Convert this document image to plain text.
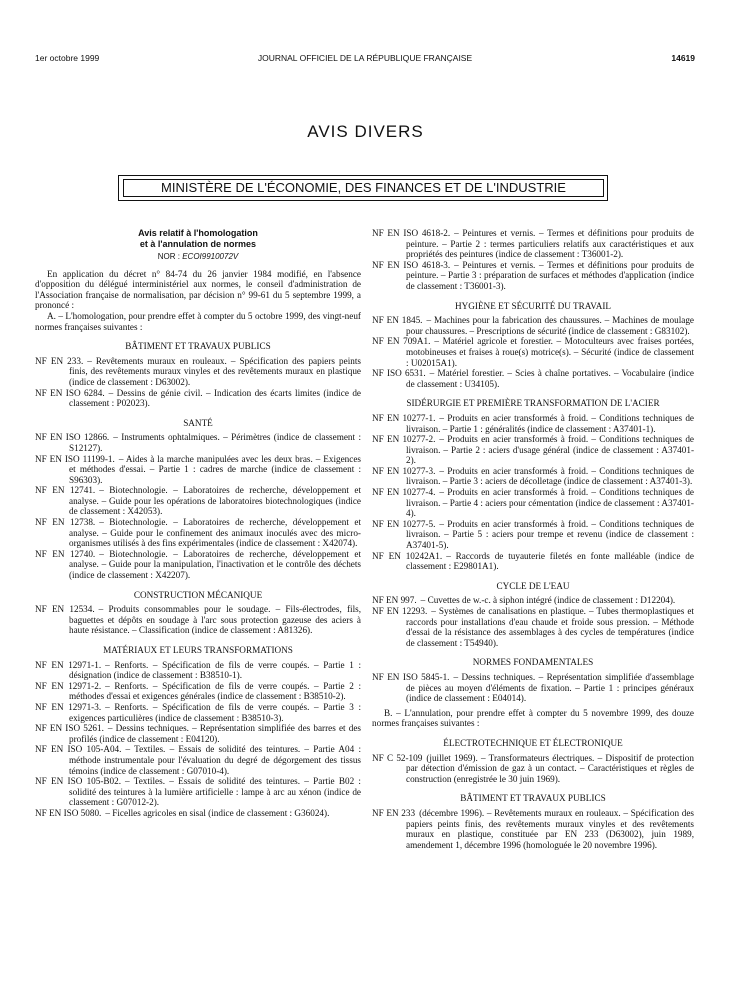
1er octobre 1999	JOURNAL OFFICIEL DE LA RÉPUBLIQUE FRANÇAISE	14619
AVIS DIVERS
MINISTÈRE DE L'ÉCONOMIE, DES FINANCES ET DE L'INDUSTRIE
Avis relatif à l'homologation
et à l'annulation de normes
NOR : ECOI9910072V

En application du décret n° 84-74 du 26 janvier 1984 modifié, en l'absence d'opposition du délégué interministériel aux normes, le conseil d'administration de l'Association française de normalisation, par décision n° 99-61 du 5 septembre 1999, a prononcé :

A. – L'homologation, pour prendre effet à compter du 5 octobre 1999, des vingt-neuf normes françaises suivantes :

BÂTIMENT ET TRAVAUX PUBLICS
NF EN 233. – Revêtements muraux en rouleaux. – Spécification des papiers peints finis, des revêtements muraux vinyles et des revêtements muraux en plastique (indice de classement : D63002).
NF EN ISO 6284. – Dessins de génie civil. – Indication des écarts limites (indice de classement : P02023).
SANTÉ
NF EN ISO 12866. – Instruments ophtalmiques. – Périmètres (indice de classement : S12127).
NF EN ISO 11199-1. – Aides à la marche manipulées avec les deux bras. – Exigences et méthodes d'essai. – Partie 1 : cadres de marche (indice de classement : S96303).
NF EN 12741. – Biotechnologie. – Laboratoires de recherche, développement et analyse. – Guide pour les opérations de laboratoires biotechnologiques (indice de classement : X42053).
NF EN 12738. – Biotechnologie. – Laboratoires de recherche, développement et analyse. – Guide pour le confinement des animaux inoculés avec des micro-organismes utilisés à des fins expérimentales (indice de classement : X42074).
NF EN 12740. – Biotechnologie. – Laboratoires de recherche, développement et analyse. – Guide pour la manipulation, l'inactivation et le contrôle des déchets (indice de classement : X42207).
CONSTRUCTION MÉCANIQUE
NF EN 12534. – Produits consommables pour le soudage. – Fils-électrodes, fils, baguettes et dépôts en soudage à l'arc sous protection gazeuse des aciers à haute résistance. – Classification (indice de classement : A81326).
MATÉRIAUX ET LEURS TRANSFORMATIONS
NF EN 12971-1. – Renforts. – Spécification de fils de verre coupés. – Partie 1 : désignation (indice de classement : B38510-1).
NF EN 12971-2. – Renforts. – Spécification de fils de verre coupés. – Partie 2 : méthodes d'essai et exigences générales (indice de classement : B38510-2).
NF EN 12971-3. – Renforts. – Spécification de fils de verre coupés. – Partie 3 : exigences particulières (indice de classement : B38510-3).
NF EN ISO 5261. – Dessins techniques. – Représentation simplifiée des barres et des profilés (indice de classement : E04120).
NF EN ISO 105-A04. – Textiles. – Essais de solidité des teintures. – Partie A04 : méthode instrumentale pour l'évaluation du degré de dégorgement des tissus témoins (indice de classement : G07010-4).
NF EN ISO 105-B02. – Textiles. – Essais de solidité des teintures. – Partie B02 : solidité des teintures à la lumière artificielle : lampe à arc au xénon (indice de classement : G07012-2).
NF EN ISO 5080. – Ficelles agricoles en sisal (indice de classement : G36024).
NF EN ISO 4618-2. – Peintures et vernis. – Termes et définitions pour produits de peinture. – Partie 2 : termes particuliers relatifs aux caractéristiques et aux propriétés des peintures (indice de classement : T36001-2).
NF EN ISO 4618-3. – Peintures et vernis. – Termes et définitions pour produits de peinture. – Partie 3 : préparation de surfaces et méthodes d'application (indice de classement : T36001-3).
HYGIÈNE ET SÉCURITÉ DU TRAVAIL
NF EN 1845. – Machines pour la fabrication des chaussures. – Machines de moulage pour chaussures. – Prescriptions de sécurité (indice de classement : G83102).
NF EN 709A1. – Matériel agricole et forestier. – Motoculteurs avec fraises portées, motobineuses et fraises à roue(s) motrice(s). – Sécurité (indice de classement : U02015A1).
NF ISO 6531. – Matériel forestier. – Scies à chaîne portatives. – Vocabulaire (indice de classement : U34105).
SIDÉRURGIE ET PREMIÈRE TRANSFORMATION DE L'ACIER
NF EN 10277-1. – Produits en acier transformés à froid. – Conditions techniques de livraison. – Partie 1 : généralités (indice de classement : A37401-1).
NF EN 10277-2. – Produits en acier transformés à froid. – Conditions techniques de livraison. – Partie 2 : aciers d'usage général (indice de classement : A37401-2).
NF EN 10277-3. – Produits en acier transformés à froid. – Conditions techniques de livraison. – Partie 3 : aciers de décolletage (indice de classement : A37401-3).
NF EN 10277-4. – Produits en acier transformés à froid. – Conditions techniques de livraison. – Partie 4 : aciers pour cémentation (indice de classement : A37401-4).
NF EN 10277-5. – Produits en acier transformés à froid. – Conditions techniques de livraison. – Partie 5 : aciers pour trempe et revenu (indice de classement : A37401-5).
NF EN 10242A1. – Raccords de tuyauterie filetés en fonte malléable (indice de classement : E29801A1).
CYCLE DE L'EAU
NF EN 997. – Cuvettes de w.-c. à siphon intégré (indice de classement : D12204).
NF EN 12293. – Systèmes de canalisations en plastique. – Tubes thermoplastiques et raccords pour installations d'eau chaude et froide sous pression. – Méthode d'essai de la résistance des assemblages à des cycles de températures (indice de classement : T54940).
NORMES FONDAMENTALES
NF EN ISO 5845-1. – Dessins techniques. – Représentation simplifiée d'assemblage de pièces au moyen d'éléments de fixation. – Partie 1 : principes généraux (indice de classement : E04014).

B. – L'annulation, pour prendre effet à compter du 5 novembre 1999, des douze normes françaises suivantes :

ÉLECTROTECHNIQUE ET ÉLECTRONIQUE
NF C 52-109 (juillet 1969). – Transformateurs électriques. – Dispositif de protection par détection d'émission de gaz à un contact. – Caractéristiques et règles de construction (enregistrée le 30 juin 1969).
BÂTIMENT ET TRAVAUX PUBLICS
NF EN 233 (décembre 1996). – Revêtements muraux en rouleaux. – Spécification des papiers peints finis, des revêtements muraux vinyles et des revêtements muraux en plastique, constituée par EN 233 (D63002), juin 1989, amendement 1, décembre 1996 (homologuée le 20 novembre 1996).
